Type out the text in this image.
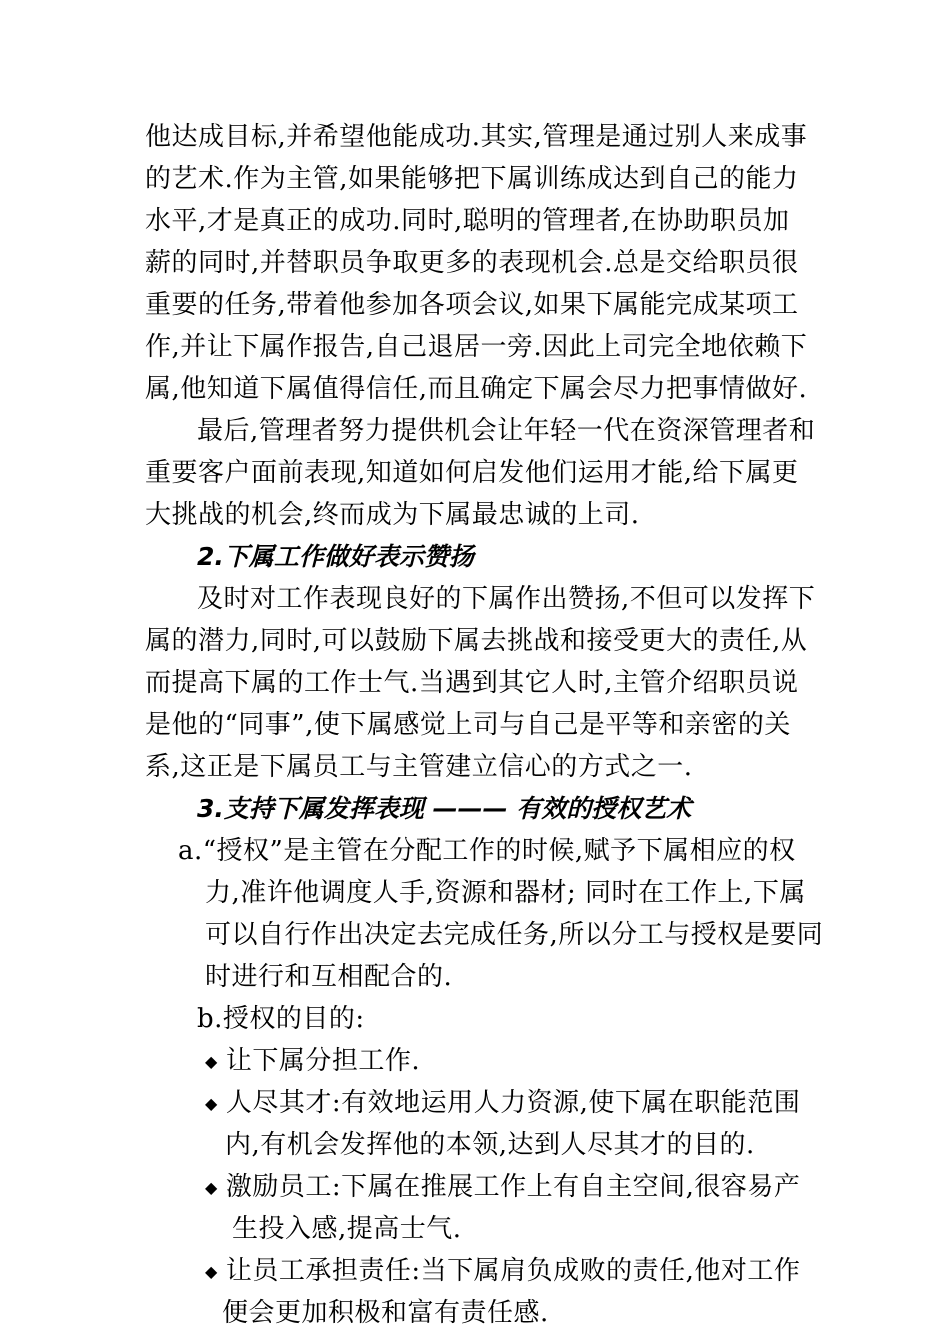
他达成目标,并希望他能成功.其实,管理是通过别人来成事
的艺术.作为主管,如果能够把下属训练成达到自己的能力
水平,才是真正的成功.同时,聪明的管理者,在协助职员加
薪的同时,并替职员争取更多的表现机会.总是交给职员很
重要的任务,带着他参加各项会议,如果下属能完成某项工
作,并让下属作报告,自己退居一旁.因此上司完全地依赖下
属,他知道下属值得信任,而且确定下属会尽力把事情做好.
最后,管理者努力提供机会让年轻一代在资深管理者和
重要客户面前表现,知道如何启发他们运用才能,给下属更
大挑战的机会,终而成为下属最忠诚的上司.
2.下属工作做好表示赞扬
及时对工作表现良好的下属作出赞扬,不但可以发挥下
属的潜力,同时,可以鼓励下属去挑战和接受更大的责任,从
而提高下属的工作士气.当遇到其它人时,主管介绍职员说
是他的“同事”,使下属感觉上司与自己是平等和亲密的关
系,这正是下属员工与主管建立信心的方式之一.
3.支持下属发挥表现 ——— 有效的授权艺术
a.“授权”是主管在分配工作的时候,赋予下属相应的权
力,准许他调度人手,资源和器材; 同时在工作上,下属
可以自行作出决定去完成任务,所以分工与授权是要同
时进行和互相配合的.
b.授权的目的:
◆ 让下属分担工作.
◆ 人尽其才:有效地运用人力资源,使下属在职能范围
内,有机会发挥他的本领,达到人尽其才的目的.
◆ 激励员工:下属在推展工作上有自主空间,很容易产
生投入感,提高士气.
◆ 让员工承担责任:当下属肩负成败的责任,他对工作
便会更加积极和富有责任感.
